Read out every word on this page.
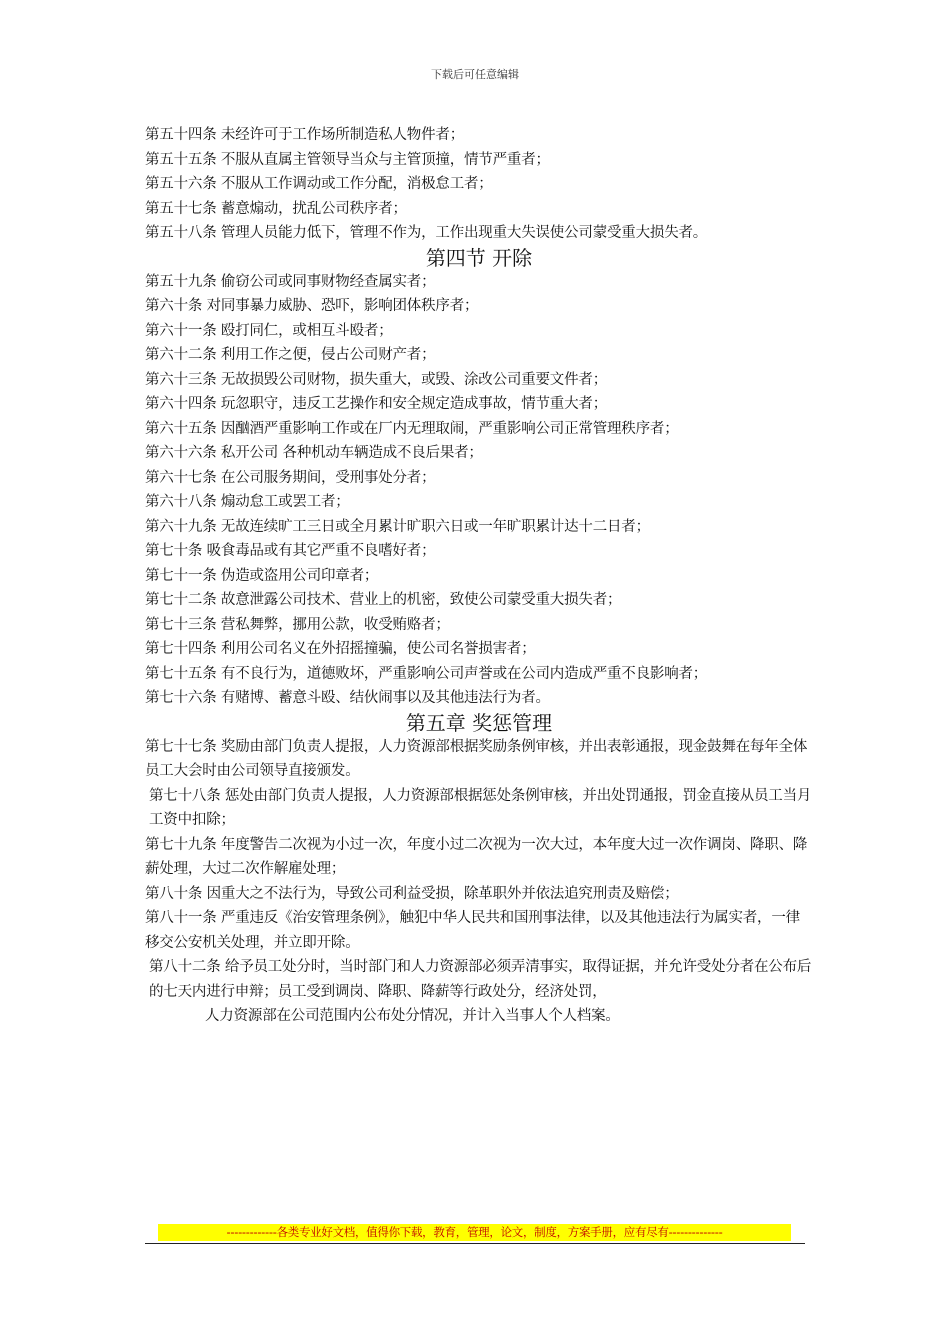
下载后可任意编辑
第五十四条 未经许可于工作场所制造私人物件者；
第五十五条 不服从直属主管领导当众与主管顶撞，情节严重者；
第五十六条 不服从工作调动或工作分配，消极怠工者；
第五十七条 蓄意煽动，扰乱公司秩序者；
第五十八条 管理人员能力低下，管理不作为，工作出现重大失误使公司蒙受重大损失者。
第四节 开除
第五十九条 偷窃公司或同事财物经查属实者；
第六十条 对同事暴力威胁、恐吓，影响团体秩序者；
第六十一条 殴打同仁，或相互斗殴者；
第六十二条 利用工作之便，侵占公司财产者；
第六十三条 无故损毁公司财物，损失重大，或毁、涂改公司重要文件者；
第六十四条 玩忽职守，违反工艺操作和安全规定造成事故，情节重大者；
第六十五条 因酗酒严重影响工作或在厂内无理取闹，严重影响公司正常管理秩序者；
第六十六条 私开公司 各种机动车辆造成不良后果者；
第六十七条 在公司服务期间，受刑事处分者；
第六十八条 煽动怠工或罢工者；
第六十九条 无故连续旷工三日或全月累计旷职六日或一年旷职累计达十二日者；
第七十条 吸食毒品或有其它严重不良嗜好者；
第七十一条 伪造或盗用公司印章者；
第七十二条 故意泄露公司技术、营业上的机密，致使公司蒙受重大损失者；
第七十三条 营私舞弊，挪用公款，收受贿赂者；
第七十四条 利用公司名义在外招摇撞骗，使公司名誉损害者；
第七十五条 有不良行为，道德败坏，严重影响公司声誉或在公司内造成严重不良影响者；
第七十六条 有赌博、蓄意斗殴、结伙闹事以及其他违法行为者。
第五章 奖惩管理
第七十七条 奖励由部门负责人提报，人力资源部根据奖励条例审核，并出表彰通报，现金鼓舞在每年全体员工大会时由公司领导直接颁发。
第七十八条 惩处由部门负责人提报，人力资源部根据惩处条例审核，并出处罚通报，罚金直接从员工当月工资中扣除；
第七十九条 年度警告二次视为小过一次，年度小过二次视为一次大过，本年度大过一次作调岗、降职、降薪处理，大过二次作解雇处理；
第八十条 因重大之不法行为，导致公司利益受损，除革职外并依法追究刑责及赔偿；
第八十一条 严重违反《治安管理条例》，触犯中华人民共和国刑事法律，以及其他违法行为属实者，一律移交公安机关处理，并立即开除。
第八十二条 给予员工处分时，当时部门和人力资源部必须弄清事实，取得证据，并允许受处分者在公布后的七天内进行申辩；员工受到调岗、降职、降薪等行政处分，经济处罚，
人力资源部在公司范围内公布处分情况，并计入当事人个人档案。
-------------各类专业好文档，值得你下载，教育，管理，论文，制度，方案手册，应有尽有--------------
